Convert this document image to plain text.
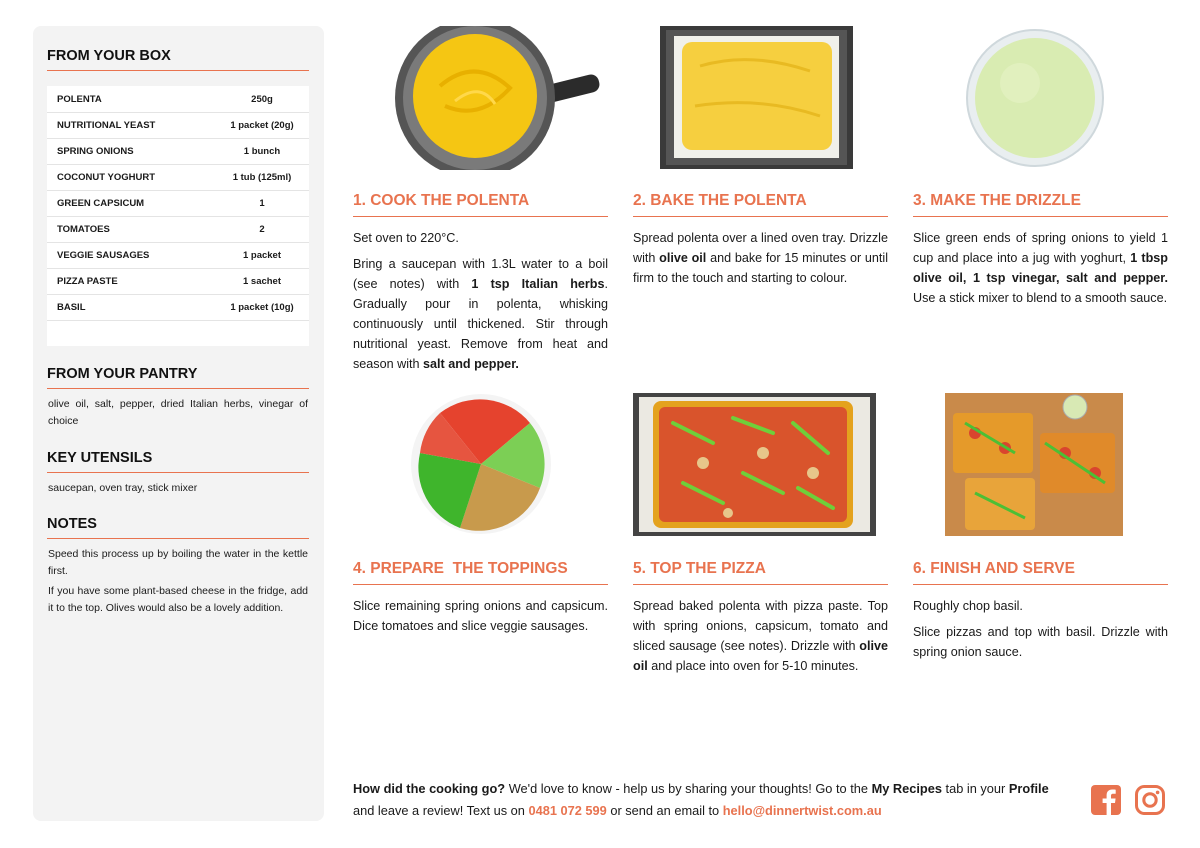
FROM YOUR BOX
POLENTA	250g
NUTRITIONAL YEAST	1 packet (20g)
SPRING ONIONS	1 bunch
COCONUT YOGHURT	1 tub (125ml)
GREEN CAPSICUM	1
TOMATOES	2
VEGGIE SAUSAGES	1 packet
PIZZA PASTE	1 sachet
BASIL	1 packet (10g)
FROM YOUR PANTRY
olive oil, salt, pepper, dried Italian herbs, vinegar of choice
KEY UTENSILS
saucepan, oven tray, stick mixer
NOTES

Speed this process up by boiling the water in the kettle first.

If you have some plant-based cheese in the fridge, add it to the top. Olives would also be a lovely addition.

1. COOK THE POLENTA

Set oven to 220°C.

Bring a saucepan with 1.3L water to a boil (see notes) with 1 tsp Italian herbs. Gradually pour in polenta, whisking continuously until thickened. Stir through nutritional yeast. Remove from heat and season with salt and pepper.

2. BAKE THE POLENTA

Spread polenta over a lined oven tray. Drizzle with olive oil and bake for 15 minutes or until firm to the touch and starting to colour.

3. MAKE THE DRIZZLE

Slice green ends of spring onions to yield 1 cup and place into a jug with yoghurt, 1 tbsp olive oil, 1 tsp vinegar, salt and pepper. Use a stick mixer to blend to a smooth sauce.

4. PREPARE  THE TOPPINGS

Slice remaining spring onions and capsicum. Dice tomatoes and slice veggie sausages.

5. TOP THE PIZZA

Spread baked polenta with pizza paste. Top with spring onions, capsicum, tomato and sliced sausage (see notes). Drizzle with olive oil and place into oven for 5-10 minutes.

6. FINISH AND SERVE

Roughly chop basil.

Slice pizzas and top with basil. Drizzle with spring onion sauce.

How did the cooking go? We'd love to know - help us by sharing your thoughts! Go to the My Recipes tab in your Profile and leave a review! Text us on 0481 072 599 or send an email to hello@dinnertwist.com.au
